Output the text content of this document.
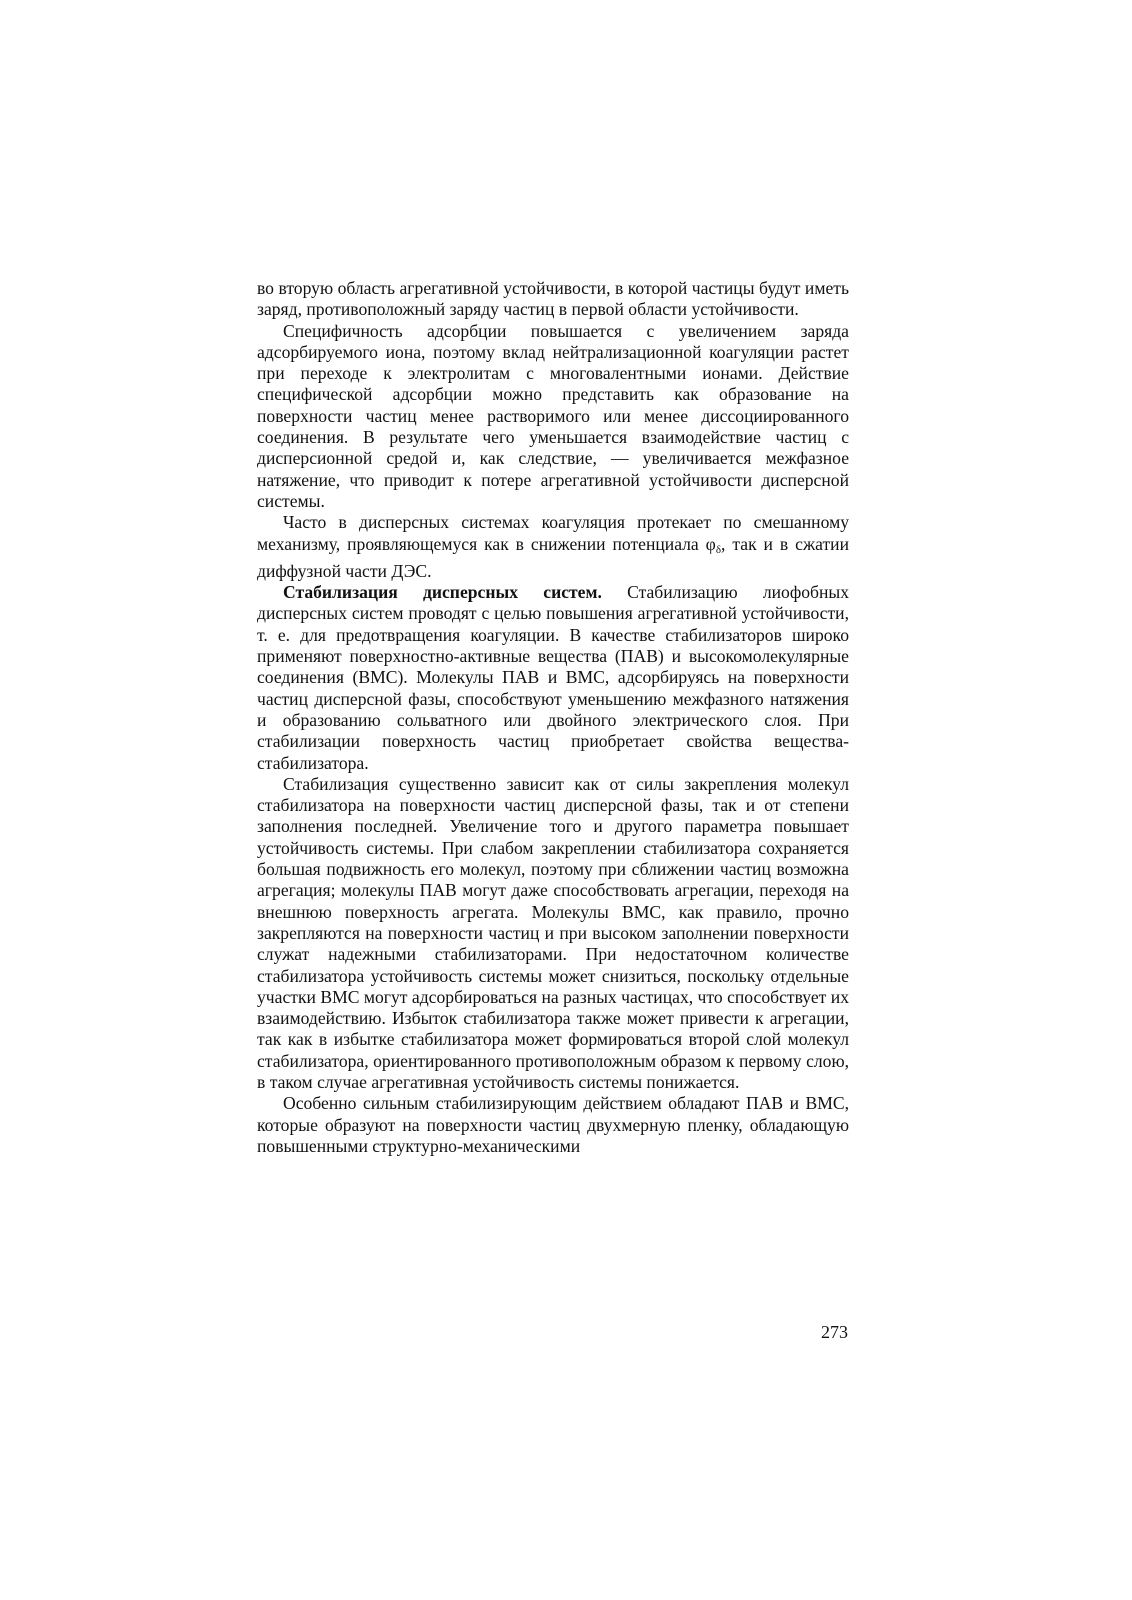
во вторую область агрегативной устойчивости, в которой частицы будут иметь заряд, противоположный заряду частиц в первой области устойчивости.

Специфичность адсорбции повышается с увеличением заряда адсорбируемого иона, поэтому вклад нейтрализационной коагуляции растет при переходе к электролитам с многовалентными ионами. Действие специфической адсорбции можно представить как образование на поверхности частиц менее растворимого или менее диссоциированного соединения. В результате чего уменьшается взаимодействие частиц с дисперсионной средой и, как следствие, — увеличивается межфазное натяжение, что приводит к потере агрегативной устойчивости дисперсной системы.

Часто в дисперсных системах коагуляция протекает по смешанному механизму, проявляющемуся как в снижении потенциала $\varphi_\delta$, так и в сжатии диффузной части ДЭС.

Стабилизация дисперсных систем. Стабилизацию лиофобных дисперсных систем проводят с целью повышения агрегативной устойчивости, т. е. для предотвращения коагуляции. В качестве стабилизаторов широко применяют поверхностно-активные вещества (ПАВ) и высокомолекулярные соединения (ВМС). Молекулы ПАВ и ВМС, адсорбируясь на поверхности частиц дисперсной фазы, способствуют уменьшению межфазного натяжения и образованию сольватного или двойного электрического слоя. При стабилизации поверхность частиц приобретает свойства вещества-стабилизатора.

Стабилизация существенно зависит как от силы закрепления молекул стабилизатора на поверхности частиц дисперсной фазы, так и от степени заполнения последней. Увеличение того и другого параметра повышает устойчивость системы. При слабом закреплении стабилизатора сохраняется большая подвижность его молекул, поэтому при сближении частиц возможна агрегация; молекулы ПАВ могут даже способствовать агрегации, переходя на внешнюю поверхность агрегата. Молекулы ВМС, как правило, прочно закрепляются на поверхности частиц и при высоком заполнении поверхности служат надежными стабилизаторами. При недостаточном количестве стабилизатора устойчивость системы может снизиться, поскольку отдельные участки ВМС могут адсорбироваться на разных частицах, что способствует их взаимодействию. Избыток стабилизатора также может привести к агрегации, так как в избытке стабилизатора может формироваться второй слой молекул стабилизатора, ориентированного противоположным образом к первому слою, в таком случае агрегативная устойчивость системы понижается.

Особенно сильным стабилизирующим действием обладают ПАВ и ВМС, которые образуют на поверхности частиц двухмерную пленку, обладающую повышенными структурно-механическими

273
